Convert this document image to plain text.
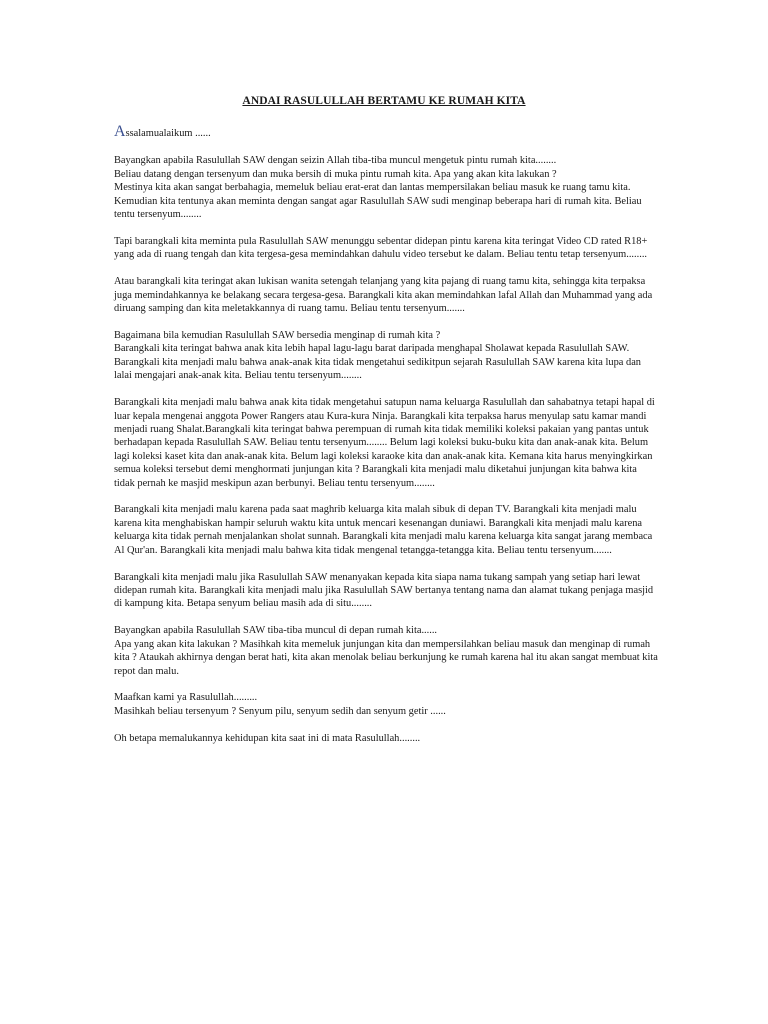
ANDAI RASULULLAH BERTAMU KE RUMAH KITA

Assalamualaikum ......

Bayangkan apabila Rasulullah SAW dengan seizin Allah tiba-tiba muncul mengetuk pintu rumah kita........
Beliau datang dengan tersenyum dan muka bersih di muka pintu rumah kita. Apa yang akan kita lakukan ?
Mestinya kita akan sangat berbahagia, memeluk beliau erat-erat dan lantas mempersilakan beliau masuk ke ruang tamu kita. Kemudian kita tentunya akan meminta dengan sangat agar Rasulullah SAW sudi menginap beberapa hari di rumah kita. Beliau tentu tersenyum........

Tapi barangkali kita meminta pula Rasulullah SAW menunggu sebentar didepan pintu karena kita teringat Video CD rated R18+ yang ada di ruang tengah dan kita tergesa-gesa memindahkan dahulu video tersebut ke dalam. Beliau tentu tetap tersenyum........

Atau barangkali kita teringat akan lukisan wanita setengah telanjang yang kita pajang di ruang tamu kita, sehingga kita terpaksa juga memindahkannya ke belakang secara tergesa-gesa. Barangkali kita akan memindahkan lafal Allah dan Muhammad yang ada diruang samping dan kita meletakkannya di ruang tamu. Beliau tentu tersenyum.......

Bagaimana bila kemudian Rasulullah SAW bersedia menginap di rumah kita ?
Barangkali kita teringat bahwa anak kita lebih hapal lagu-lagu barat daripada menghapal Sholawat kepada Rasulullah SAW. Barangkali kita menjadi malu bahwa anak-anak kita tidak mengetahui sedikitpun sejarah Rasulullah SAW karena kita lupa dan lalai mengajari anak-anak kita. Beliau tentu tersenyum........

Barangkali kita menjadi malu bahwa anak kita tidak mengetahui satupun nama keluarga Rasulullah dan sahabatnya tetapi hapal di luar kepala mengenai anggota Power Rangers atau Kura-kura Ninja. Barangkali kita terpaksa harus menyulap satu kamar mandi menjadi ruang Shalat.Barangkali kita teringat bahwa perempuan di rumah kita tidak memiliki koleksi pakaian yang pantas untuk berhadapan kepada Rasulullah SAW. Beliau tentu tersenyum........ Belum lagi koleksi buku-buku kita dan anak-anak kita. Belum lagi koleksi kaset kita dan anak-anak kita. Belum lagi koleksi karaoke kita dan anak-anak kita. Kemana kita harus menyingkirkan semua koleksi tersebut demi menghormati junjungan kita ? Barangkali kita menjadi malu diketahui junjungan kita bahwa kita tidak pernah ke masjid meskipun azan berbunyi. Beliau tentu tersenyum........

Barangkali kita menjadi malu karena pada saat maghrib keluarga kita malah sibuk di depan TV. Barangkali kita menjadi malu karena kita menghabiskan hampir seluruh waktu kita untuk mencari kesenangan duniawi. Barangkali kita menjadi malu karena keluarga kita tidak pernah menjalankan sholat sunnah. Barangkali kita menjadi malu karena keluarga kita sangat jarang membaca Al Qur'an. Barangkali kita menjadi malu bahwa kita tidak mengenal tetangga-tetangga kita. Beliau tentu tersenyum.......

Barangkali kita menjadi malu jika Rasulullah SAW menanyakan kepada kita siapa nama tukang sampah yang setiap hari lewat didepan rumah kita. Barangkali kita menjadi malu jika Rasulullah SAW bertanya tentang nama dan alamat tukang penjaga masjid di kampung kita. Betapa senyum beliau masih ada di situ........

Bayangkan apabila Rasulullah SAW tiba-tiba muncul di depan rumah kita......
Apa yang akan kita lakukan ? Masihkah kita memeluk junjungan kita dan mempersilahkan beliau masuk dan menginap di rumah kita ? Ataukah akhirnya dengan berat hati, kita akan menolak beliau berkunjung ke rumah karena hal itu akan sangat membuat kita repot dan malu.

Maafkan kami ya Rasulullah.........
Masihkah beliau tersenyum ? Senyum pilu, senyum sedih dan senyum getir ......

Oh betapa memalukannya kehidupan kita saat ini di mata Rasulullah........
